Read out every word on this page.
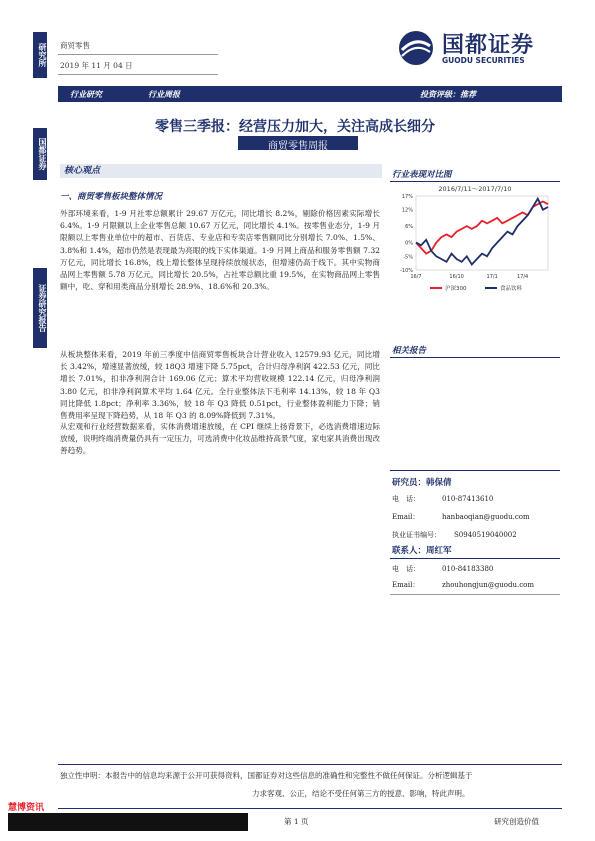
研究所
国都证券
证券研究报告
商贸零售
2019 年 11 月 04 日
国都证券
GUODU SECURITIES
行业研究	行业周报	投资评级：推荐
零售三季报：经营压力加大，关注高成长细分
商贸零售周报
核心观点
一、商贸零售板块整体情况
外部环境来看，1-9 月社零总额累计 29.67 万亿元，同比增长 8.2%，剔除价格因素实际增长 6.4%。1-9 月限额以上企业零售总额 10.67 万亿元，同比增长 4.1%。按零售业态分，1-9 月限额以上零售业单位中的超市、百货店、专业店和专卖店零售额同比分别增长 7.0%、1.5%、3.8%和 1.4%，超市仍然是表现最为亮眼的线下实体渠道。1-9 月网上商品和服务零售额 7.32 万亿元，同比增长 16.8%，线上增长整体呈现持续放缓状态，但增速仍高于线下。其中实物商品网上零售额 5.78 万亿元，同比增长 20.5%，占社零总额比重 19.5%，在实物商品网上零售额中，吃、穿和用类商品分别增长 28.9%、18.6%和 20.3%。
从板块整体来看，2019 年前三季度中信商贸零售板块合计营业收入 12579.93 亿元，同比增长 3.42%，增速显著放缓，较 18Q3 增速下降 5.75pct，合计归母净利润 422.53 亿元，同比增长 7.01%，扣非净利润合计 169.06 亿元；算术平均营收规模 122.14 亿元，归母净利润 3.80 亿元，扣非净利润算术平均 1.64 亿元。全行业整体法下毛利率 14.13%，较 18 年 Q3 同比降低 1.8pct；净利率 3.36%，较 18 年 Q3 降低 0.51pct，行业整体盈利能力下降；销售费用率呈现下降趋势，从 18 年 Q3 的 8.09%降低到 7.31%。
从宏观和行业经营数据来看，实体消费增速放缓，在 CPI 继续上扬背景下，必选消费增速边际放缓，说明终端消费量仍具有一定压力，可选消费中化妆品维持高景气度，家电家具消费出现改善趋势。
行业表现对比图
2016/7/11～2017/7/10
17%
12%
6%
0%
-5%
-10%
16/7	16/10	17/1	17/4
沪深300	食品饮料
相关报告
研究员：韩保倩
电　话：	010-87413610
Email：	hanbaoqian@guodu.com
执业证书编号： S0940519040002
联系人：周红军
电　话：	010-84183380
Email：	zhouhongjun@guodu.com
独立性申明：本报告中的信息均来源于公开可获得资料，国都证券对这些信息的准确性和完整性不做任何保证。分析逻辑基于
力求客观、公正，结论不受任何第三方的授意、影响，特此声明。
慧博资讯
第 1 页	研究创造价值
